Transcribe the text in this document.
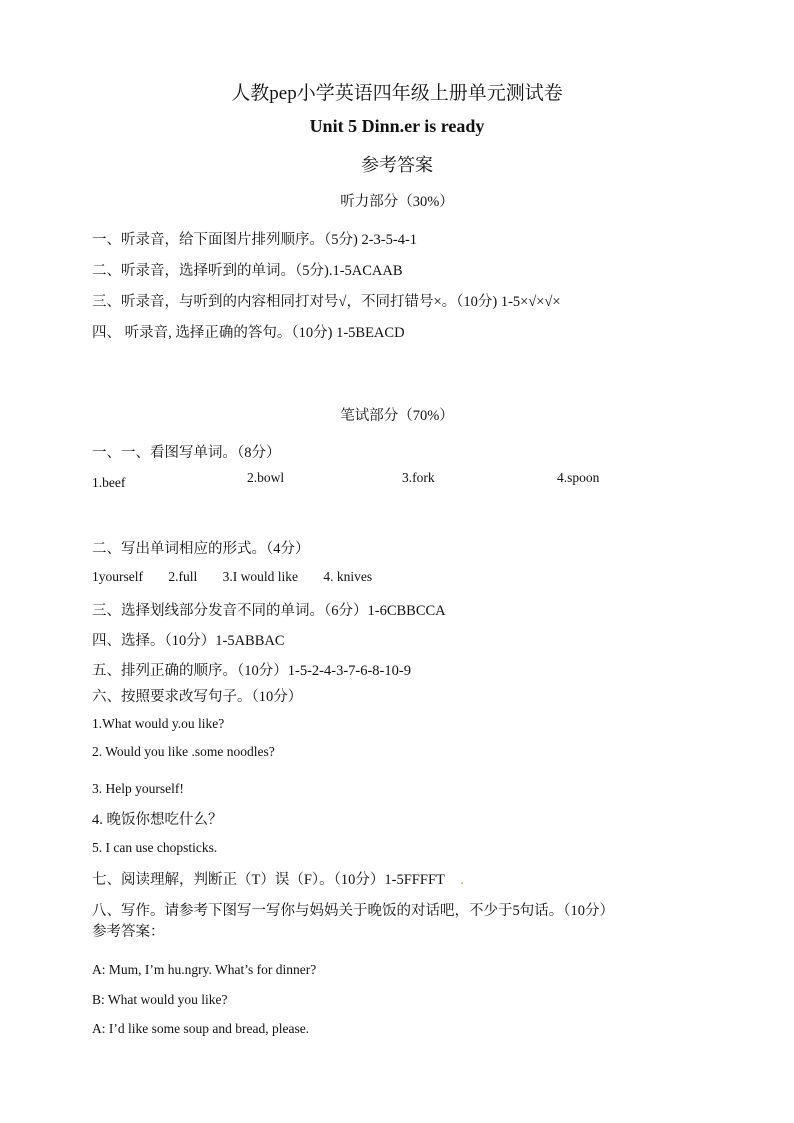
人教pep小学英语四年级上册单元测试卷
Unit 5 Dinn.er is ready
参考答案
听力部分（30%）
一、听录音，给下面图片排列顺序。（5分) 2-3-5-4-1
二、听录音，选择听到的单词。（5分).1-5ACAAB
三、听录音，与听到的内容相同打对号√，不同打错号×。（10分) 1-5×√×√×
四、 听录音, 选择正确的答句。（10分) 1-5BEACD
笔试部分（70%）
一、一、看图写单词。（8分）
1.beef	2.bowl	3.fork	4.spoon
二、写出单词相应的形式。（4分）
1yourself 2.full 3.I would like 4. knives
三、选择划线部分发音不同的单词。（6分）1-6CBBCCA
四、选择。（10分）1-5ABBAC
五、排列正确的顺序。（10分）1-5-2-4-3-7-6-8-10-9
六、按照要求改写句子。（10分）
1.What would y.ou like?
2. Would you like .some noodles?
3. Help yourself!
4. 晚饭你想吃什么？
5. I can use chopsticks.
七、阅读理解，判断正（T）误（F）。（10分）1-5FFFFT .
八、写作。请参考下图写一写你与妈妈关于晚饭的对话吧，不少于5句话。（10分）
参考答案：
A: Mum, I’m hu.ngry. What’s for dinner?
B: What would you like?
A: I’d like some soup and bread, please.
